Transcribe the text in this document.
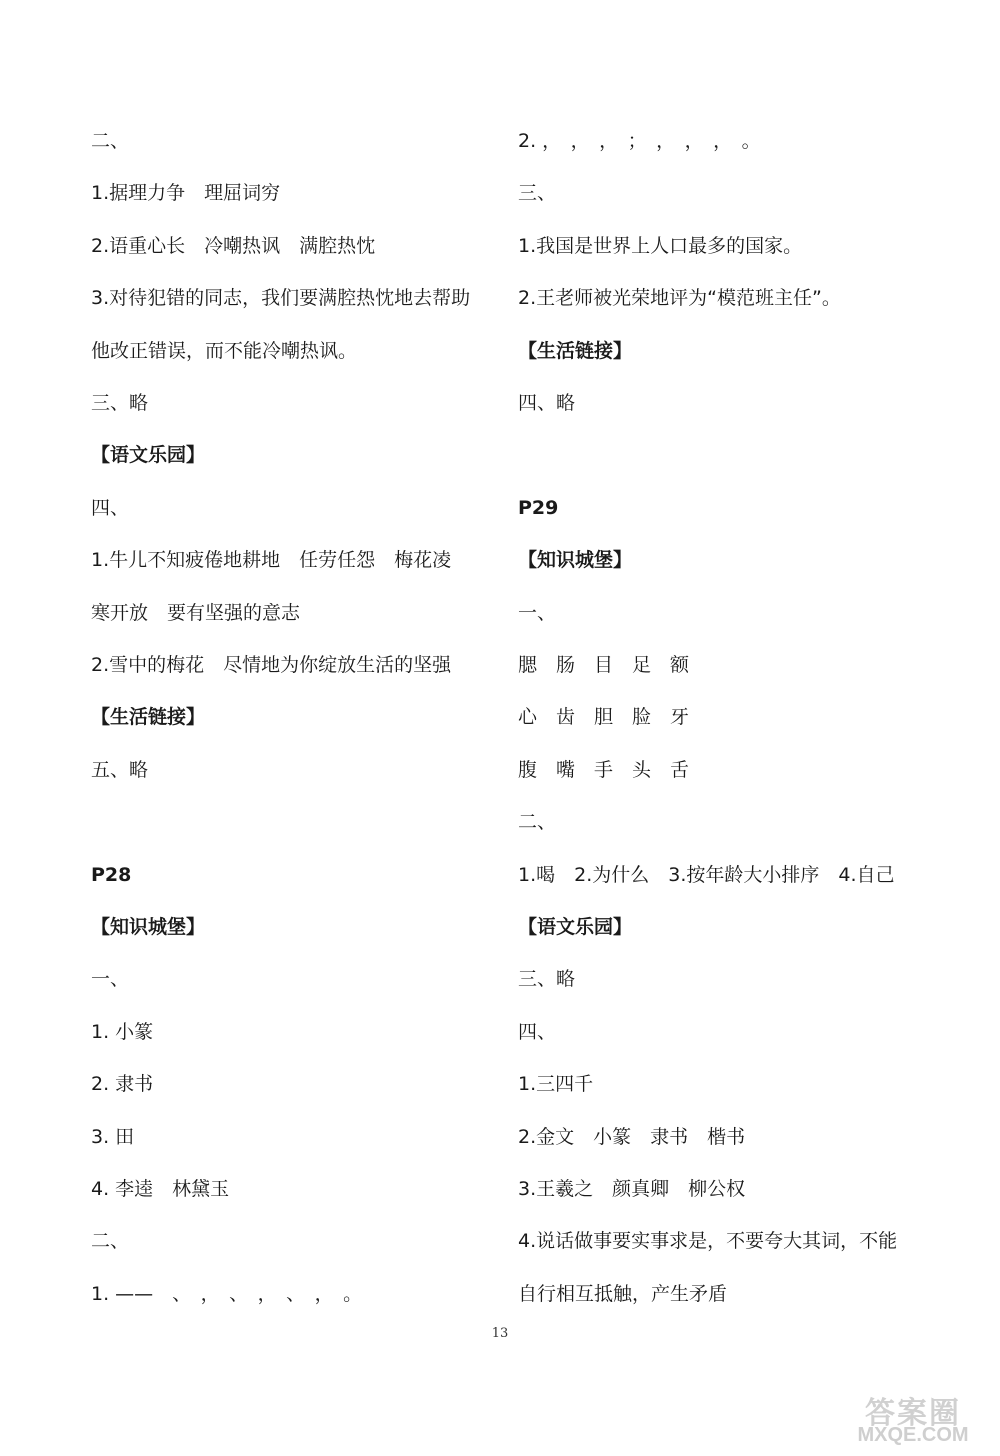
二、
1.据理力争　理屈词穷
2.语重心长　冷嘲热讽　满腔热忱
3.对待犯错的同志，我们要满腔热忱地去帮助
他改正错误，而不能冷嘲热讽。
三、略
【语文乐园】
四、
1.牛儿不知疲倦地耕地　任劳任怨　梅花凌
寒开放　要有坚强的意志
2.雪中的梅花　尽情地为你绽放生活的坚强
【生活链接】
五、略
P28
【知识城堡】
一、
1. 小篆
2. 隶书
3. 田
4. 李逵　林黛玉
二、
1. ——　、　，　、　，　、　，　。
2. ，　，　，　；　，　，　，　。
三、
1.我国是世界上人口最多的国家。
2.王老师被光荣地评为“模范班主任”。
【生活链接】
四、略
P29
【知识城堡】
一、
腮　肠　目　足　额
心　齿　胆　脸　牙
腹　嘴　手　头　舌
二、
1.喝　2.为什么　3.按年龄大小排序　4.自己
【语文乐园】
三、略
四、
1.三四千
2.金文　小篆　隶书　楷书
3.王羲之　颜真卿　柳公权
4.说话做事要实事求是，不要夸大其词，不能
自行相互抵触，产生矛盾
13
答案圈
MXQE.COM
